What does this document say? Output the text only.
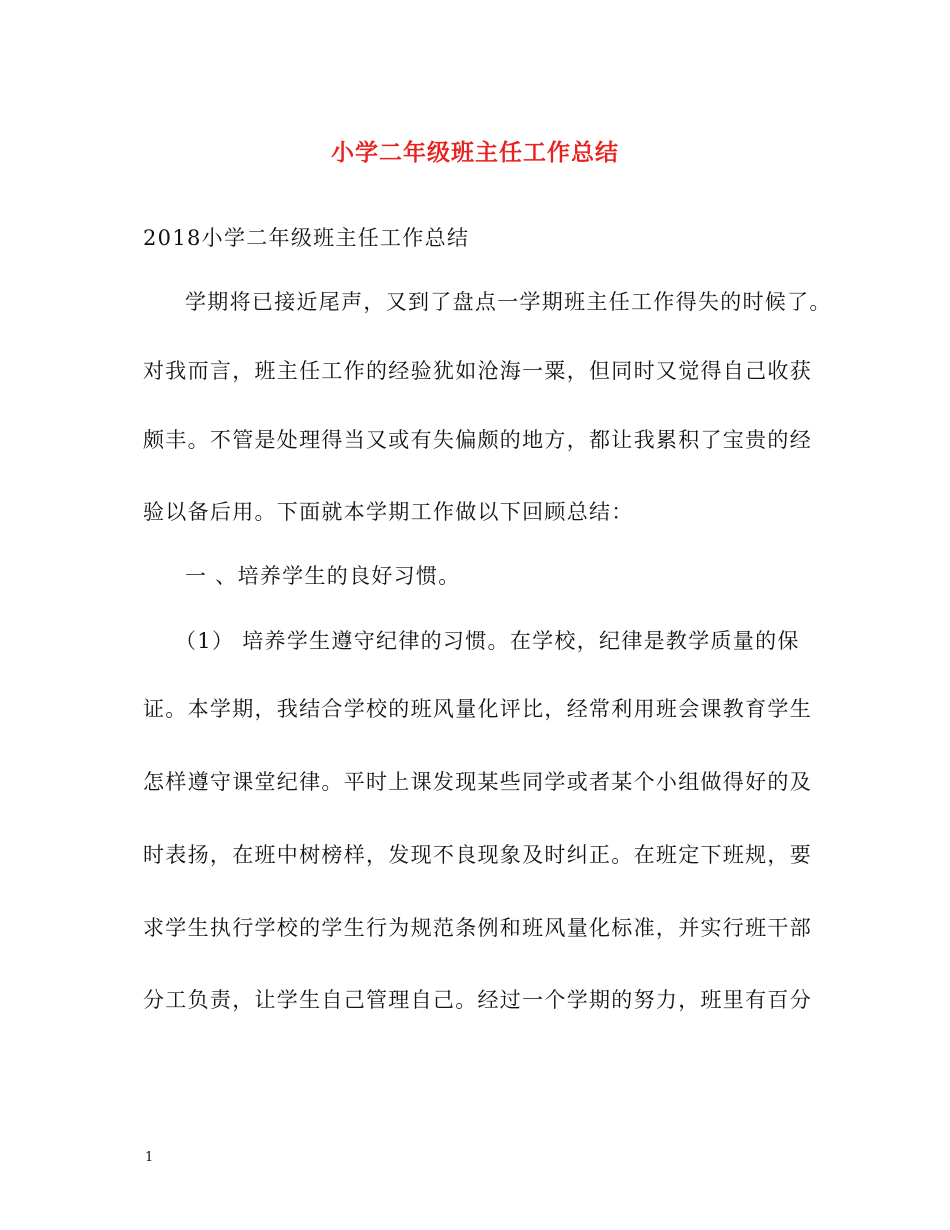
小学二年级班主任工作总结
2018小学二年级班主任工作总结
学期将已接近尾声，又到了盘点一学期班主任工作得失的时候了。
对我而言，班主任工作的经验犹如沧海一粟，但同时又觉得自己收获
颇丰。不管是处理得当又或有失偏颇的地方，都让我累积了宝贵的经
验以备后用。下面就本学期工作做以下回顾总结：
一 、培养学生的良好习惯。
（1） 培养学生遵守纪律的习惯。在学校，纪律是教学质量的保
证。本学期，我结合学校的班风量化评比，经常利用班会课教育学生
怎样遵守课堂纪律。平时上课发现某些同学或者某个小组做得好的及
时表扬，在班中树榜样，发现不良现象及时纠正。在班定下班规，要
求学生执行学校的学生行为规范条例和班风量化标准，并实行班干部
分工负责，让学生自己管理自己。经过一个学期的努力，班里有百分
1
